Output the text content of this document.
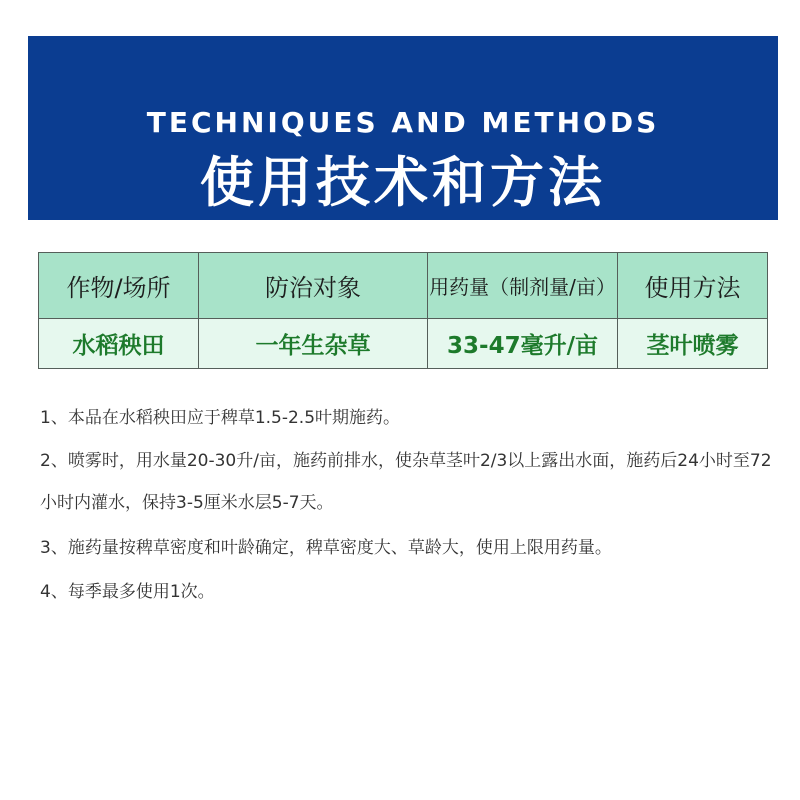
TECHNIQUES AND METHODS
使用技术和方法
作物/场所	防治对象	用药量（制剂量/亩）	使用方法
水稻秧田	一年生杂草	33-47毫升/亩	茎叶喷雾

1、本品在水稻秧田应于稗草1.5-2.5叶期施药。

2、喷雾时，用水量20-30升/亩，施药前排水，使杂草茎叶2/3以上露出水面，施药后24小时至72小时内灌水，保持3-5厘米水层5-7天。

3、施药量按稗草密度和叶龄确定，稗草密度大、草龄大，使用上限用药量。

4、每季最多使用1次。
